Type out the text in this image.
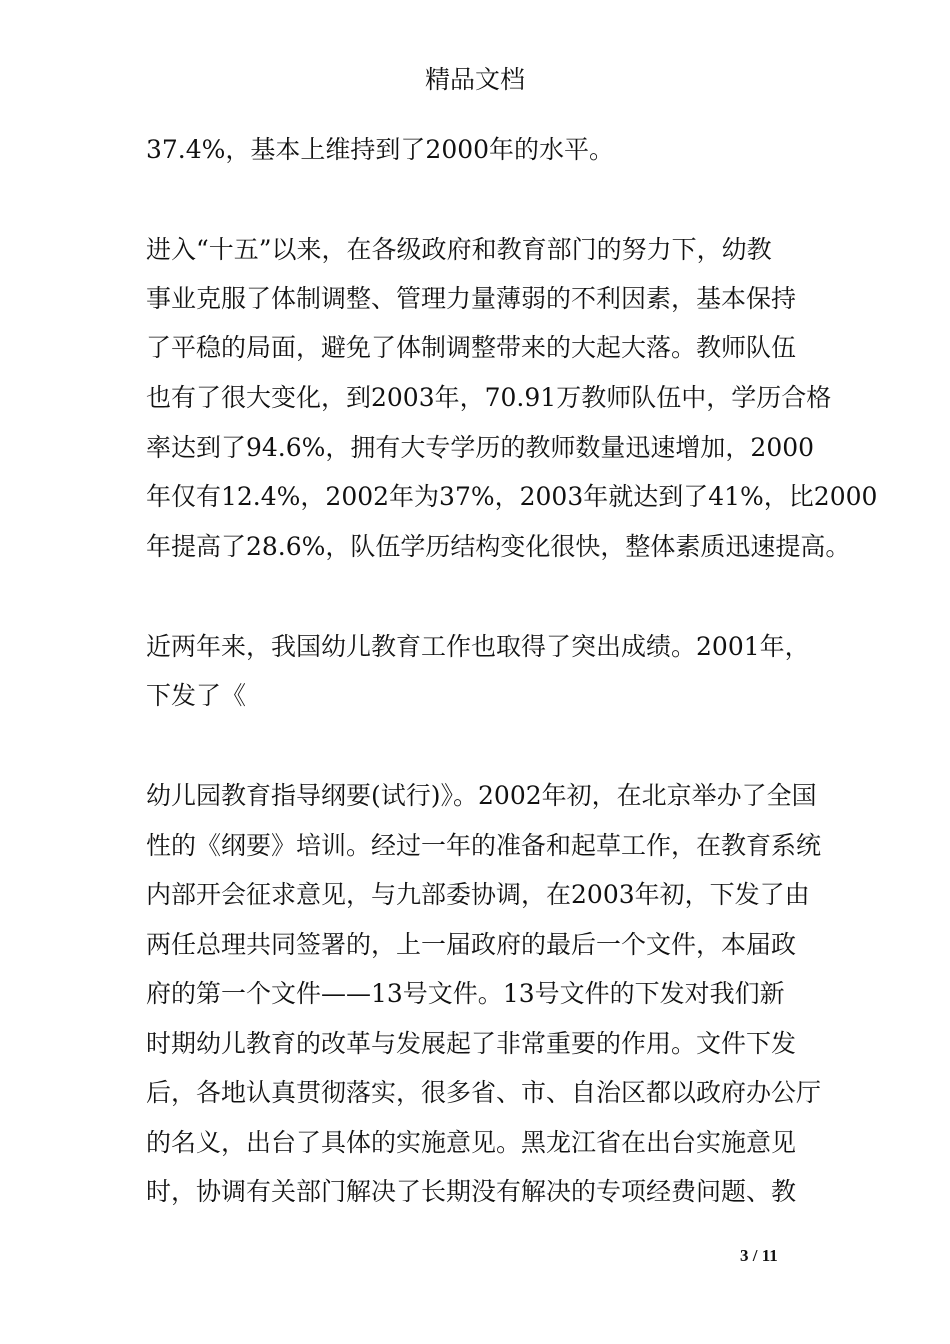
精品文档
37.4%，基本上维持到了2000年的水平。
进入“十五”以来，在各级政府和教育部门的努力下，幼教
事业克服了体制调整、管理力量薄弱的不利因素，基本保持
了平稳的局面，避免了体制调整带来的大起大落。教师队伍
也有了很大变化，到2003年，70.91万教师队伍中，学历合格
率达到了94.6%，拥有大专学历的教师数量迅速增加，2000
年仅有12.4%，2002年为37%，2003年就达到了41%，比2000
年提高了28.6%，队伍学历结构变化很快，整体素质迅速提高。
近两年来，我国幼儿教育工作也取得了突出成绩。2001年，
下发了《
幼儿园教育指导纲要(试行)》。2002年初，在北京举办了全国
性的《纲要》培训。经过一年的准备和起草工作，在教育系统
内部开会征求意见，与九部委协调，在2003年初，下发了由
两任总理共同签署的，上一届政府的最后一个文件，本届政
府的第一个文件——13号文件。13号文件的下发对我们新
时期幼儿教育的改革与发展起了非常重要的作用。文件下发
后，各地认真贯彻落实，很多省、市、自治区都以政府办公厅
的名义，出台了具体的实施意见。黑龙江省在出台实施意见
时，协调有关部门解决了长期没有解决的专项经费问题、教
3 / 11
